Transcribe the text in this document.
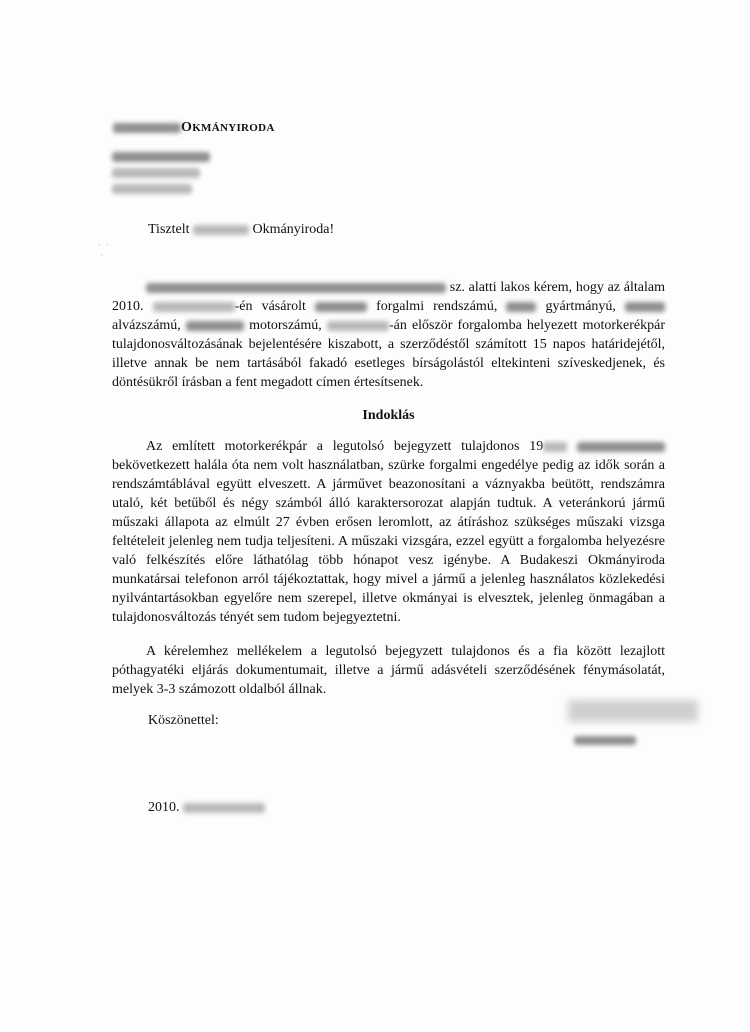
OKMÁNYIRODA
Tisztelt	Okmányiroda!
·  ·
·

sz. alatti lakos kérem, hogy az általam 2010.	-én vásárolt	forgalmi rendszámú,	gyártmányú,  alvázszámú,	motorszámú,	-án először forgalomba helyezett motorkerékpár tulajdonosváltozásának bejelentésére kiszabott, a szerződéstől számított 15 napos határidejétől, illetve annak be nem tartásából fakadó esetleges bírságolástól eltekinteni szíveskedjenek, és döntésükről írásban a fent megadott címen értesítsenek.

Indoklás

Az említett motorkerékpár a legutolsó bejegyzett tulajdonos 19  bekövetkezett halála óta nem volt használatban, szürke forgalmi engedélye pedig az idők során a rendszámtáblával együtt elveszett. A járművet beazonosítani a váznyakba beütött, rendszámra utaló, két betűből és négy számból álló karaktersorozat alapján tudtuk. A veteránkorú jármű műszaki állapota az elmúlt 27 évben erősen leromlott, az átíráshoz szükséges műszaki vizsga feltételeit jelenleg nem tudja teljesíteni. A műszaki vizsgára, ezzel együtt a forgalomba helyezésre való felkészítés előre láthatólag több hónapot vesz igénybe. A Budakeszi Okmányiroda munkatársai telefonon arról tájékoztattak, hogy mivel a jármű a jelenleg használatos közlekedési nyilvántartásokban egyelőre nem szerepel, illetve okmányai is elvesztek, jelenleg önmagában a tulajdonosváltozás tényét sem tudom bejegyeztetni.

A kérelemhez mellékelem a legutolsó bejegyzett tulajdonos és a fia között lezajlott póthagyatéki eljárás dokumentumait, illetve a jármű adásvételi szerződésének fénymásolatát, melyek 3-3 számozott oldalból állnak.

Köszönettel:
2010.
